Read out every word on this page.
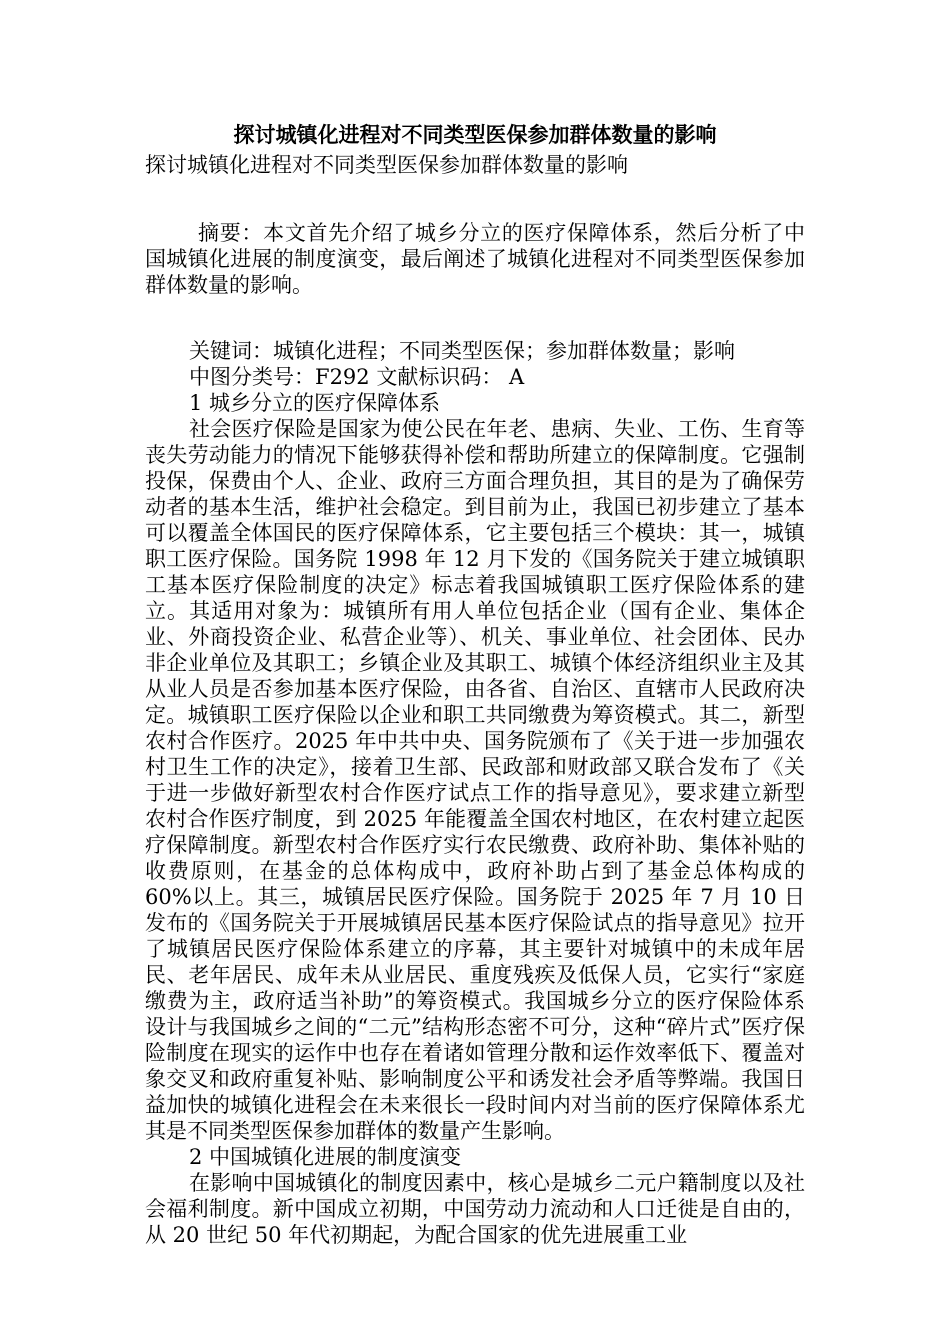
探讨城镇化进程对不同类型医保参加群体数量的影响

探讨城镇化进程对不同类型医保参加群体数量的影响

摘要：本文首先介绍了城乡分立的医疗保障体系，然后分析了中国城镇化进展的制度演变，最后阐述了城镇化进程对不同类型医保参加群体数量的影响。

关键词：城镇化进程；不同类型医保；参加群体数量；影响

中图分类号：F292 文献标识码： A

1 城乡分立的医疗保障体系

社会医疗保险是国家为使公民在年老、患病、失业、工伤、生育等丧失劳动能力的情况下能够获得补偿和帮助所建立的保障制度。它强制投保，保费由个人、企业、政府三方面合理负担，其目的是为了确保劳动者的基本生活，维护社会稳定。到目前为止，我国已初步建立了基本可以覆盖全体国民的医疗保障体系，它主要包括三个模块：其一，城镇职工医疗保险。国务院 1998 年 12 月下发的《国务院关于建立城镇职工基本医疗保险制度的决定》标志着我国城镇职工医疗保险体系的建立。其适用对象为：城镇所有用人单位包括企业（国有企业、集体企业、外商投资企业、私营企业等）、机关、事业单位、社会团体、民办非企业单位及其职工；乡镇企业及其职工、城镇个体经济组织业主及其从业人员是否参加基本医疗保险，由各省、自治区、直辖市人民政府决定。城镇职工医疗保险以企业和职工共同缴费为筹资模式。其二，新型农村合作医疗。2025 年中共中央、国务院颁布了《关于进一步加强农村卫生工作的决定》，接着卫生部、民政部和财政部又联合发布了《关于进一步做好新型农村合作医疗试点工作的指导意见》，要求建立新型农村合作医疗制度，到 2025 年能覆盖全国农村地区，在农村建立起医疗保障制度。新型农村合作医疗实行农民缴费、政府补助、集体补贴的收费原则，在基金的总体构成中，政府补助占到了基金总体构成的 60%以上。其三，城镇居民医疗保险。国务院于 2025 年 7 月 10 日发布的《国务院关于开展城镇居民基本医疗保险试点的指导意见》拉开了城镇居民医疗保险体系建立的序幕，其主要针对城镇中的未成年居民、老年居民、成年未从业居民、重度残疾及低保人员，它实行“家庭缴费为主，政府适当补助”的筹资模式。我国城乡分立的医疗保险体系设计与我国城乡之间的“二元”结构形态密不可分，这种“碎片式”医疗保险制度在现实的运作中也存在着诸如管理分散和运作效率低下、覆盖对象交叉和政府重复补贴、影响制度公平和诱发社会矛盾等弊端。我国日益加快的城镇化进程会在未来很长一段时间内对当前的医疗保障体系尤其是不同类型医保参加群体的数量产生影响。

2 中国城镇化进展的制度演变

在影响中国城镇化的制度因素中，核心是城乡二元户籍制度以及社会福利制度。新中国成立初期，中国劳动力流动和人口迁徙是自由的，从 20 世纪 50 年代初期起，为配合国家的优先进展重工业
